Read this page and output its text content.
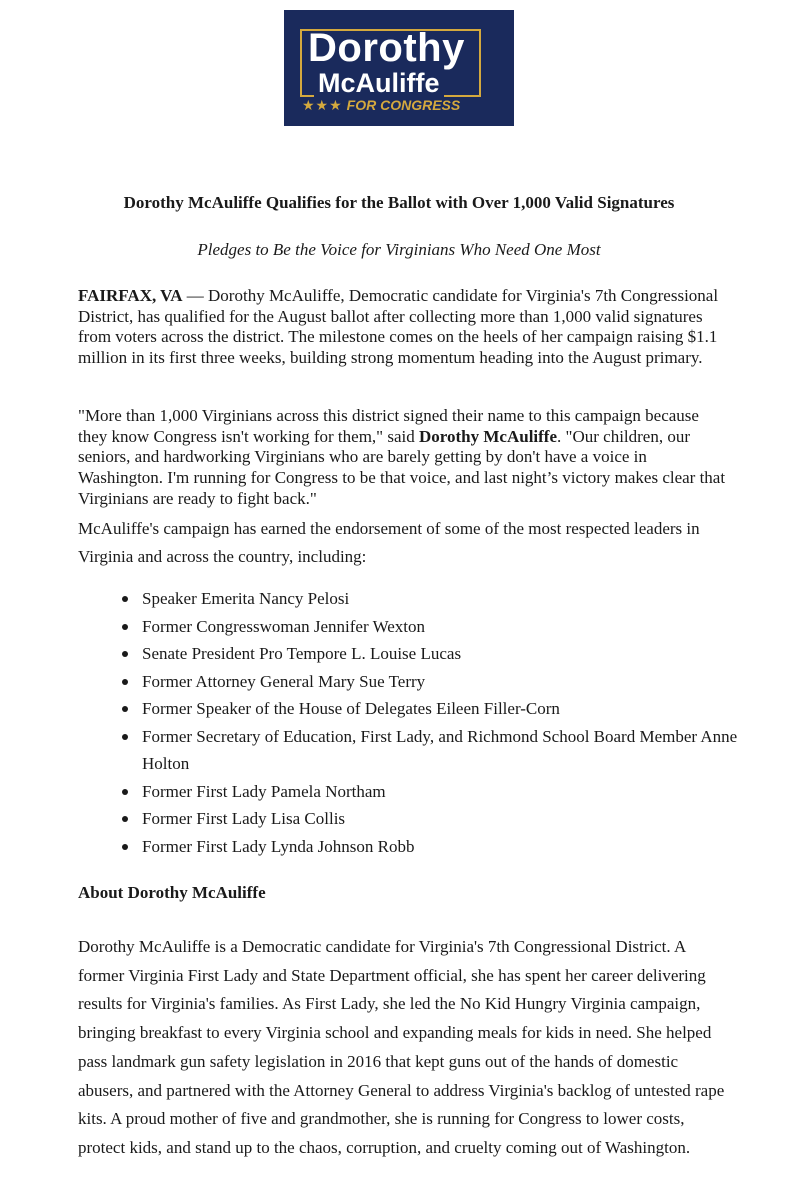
Dorothy
McAuliffe
★★★ FOR CONGRESS
Dorothy McAuliffe Qualifies for the Ballot with Over 1,000 Valid Signatures
Pledges to Be the Voice for Virginians Who Need One Most

FAIRFAX, VA — Dorothy McAuliffe, Democratic candidate for Virginia's 7th Congressional District, has qualified for the August ballot after collecting more than 1,000 valid signatures from voters across the district. The milestone comes on the heels of her campaign raising $1.1 million in its first three weeks, building strong momentum heading into the August primary.

"More than 1,000 Virginians across this district signed their name to this campaign because they know Congress isn't working for them," said Dorothy McAuliffe. "Our children, our seniors, and hardworking Virginians who are barely getting by don't have a voice in Washington. I'm running for Congress to be that voice, and last night’s victory makes clear that Virginians are ready to fight back."

McAuliffe's campaign has earned the endorsement of some of the most respected leaders in Virginia and across the country, including:

Speaker Emerita Nancy Pelosi
Former Congresswoman Jennifer Wexton
Senate President Pro Tempore L. Louise Lucas
Former Attorney General Mary Sue Terry
Former Speaker of the House of Delegates Eileen Filler-Corn
Former Secretary of Education, First Lady, and Richmond School Board Member Anne Holton
Former First Lady Pamela Northam
Former First Lady Lisa Collis
Former First Lady Lynda Johnson Robb
About Dorothy McAuliffe

Dorothy McAuliffe is a Democratic candidate for Virginia's 7th Congressional District. A former Virginia First Lady and State Department official, she has spent her career delivering results for Virginia's families. As First Lady, she led the No Kid Hungry Virginia campaign, bringing breakfast to every Virginia school and expanding meals for kids in need. She helped pass landmark gun safety legislation in 2016 that kept guns out of the hands of domestic abusers, and partnered with the Attorney General to address Virginia's backlog of untested rape kits. A proud mother of five and grandmother, she is running for Congress to lower costs, protect kids, and stand up to the chaos, corruption, and cruelty coming out of Washington.
